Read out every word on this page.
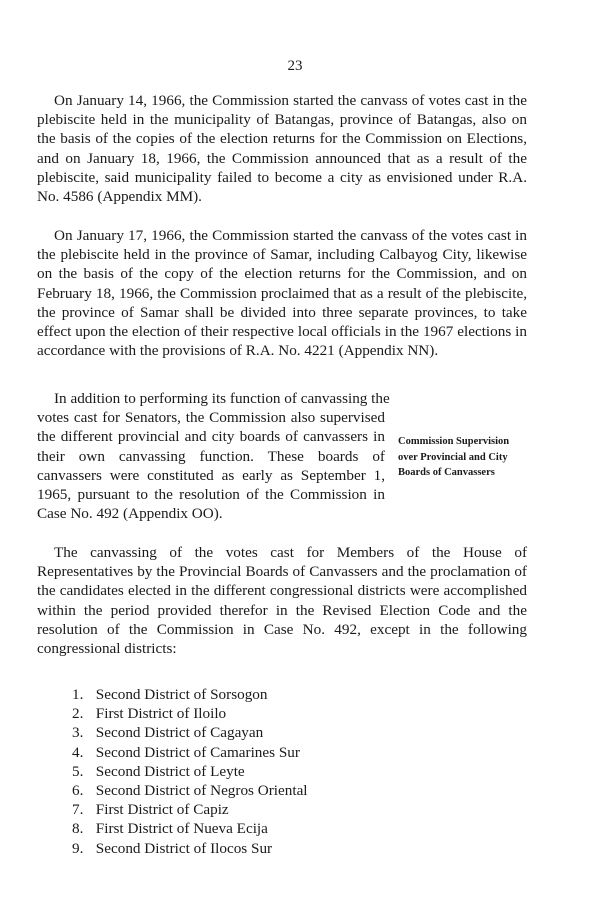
23

On January 14, 1966, the Commission started the canvass of votes cast in the plebiscite held in the municipality of Batangas, province of Batangas, also on the basis of the copies of the election returns for the Commission on Elections, and on January 18, 1966, the Commission announced that as a result of the plebiscite, said municipality failed to become a city as envisioned under R.A. No. 4586 (Appendix MM).

On January 17, 1966, the Commission started the canvass of the votes cast in the plebiscite held in the province of Samar, including Calbayog City, likewise on the basis of the copy of the election returns for the Commission, and on February 18, 1966, the Commission proclaimed that as a result of the plebiscite, the province of Samar shall be divided into three separate provinces, to take effect upon the election of their respective local officials in the 1967 elections in accordance with the provisions of R.A. No. 4221 (Appendix NN).

In addition to performing its function of canvassing the

votes cast for Senators, the Commission also supervised the different provincial and city boards of canvassers in their own canvassing function. These boards of canvassers were constituted as early as September 1, 1965, pursuant to the resolution of the Commission in Case No. 492 (Appendix OO).

Commission Supervision over Provincial and City Boards of Canvassers

The canvassing of the votes cast for Members of the House of Representatives by the Provincial Boards of Canvassers and the proclamation of the candidates elected in the different congressional districts were accomplished within the period provided therefor in the Revised Election Code and the resolution of the Commission in Case No. 492, except in the following congressional districts:

1. Second District of Sorsogon
2. First District of Iloilo
3. Second District of Cagayan
4. Second District of Camarines Sur
5. Second District of Leyte
6. Second District of Negros Oriental
7. First District of Capiz
8. First District of Nueva Ecija
9. Second District of Ilocos Sur
